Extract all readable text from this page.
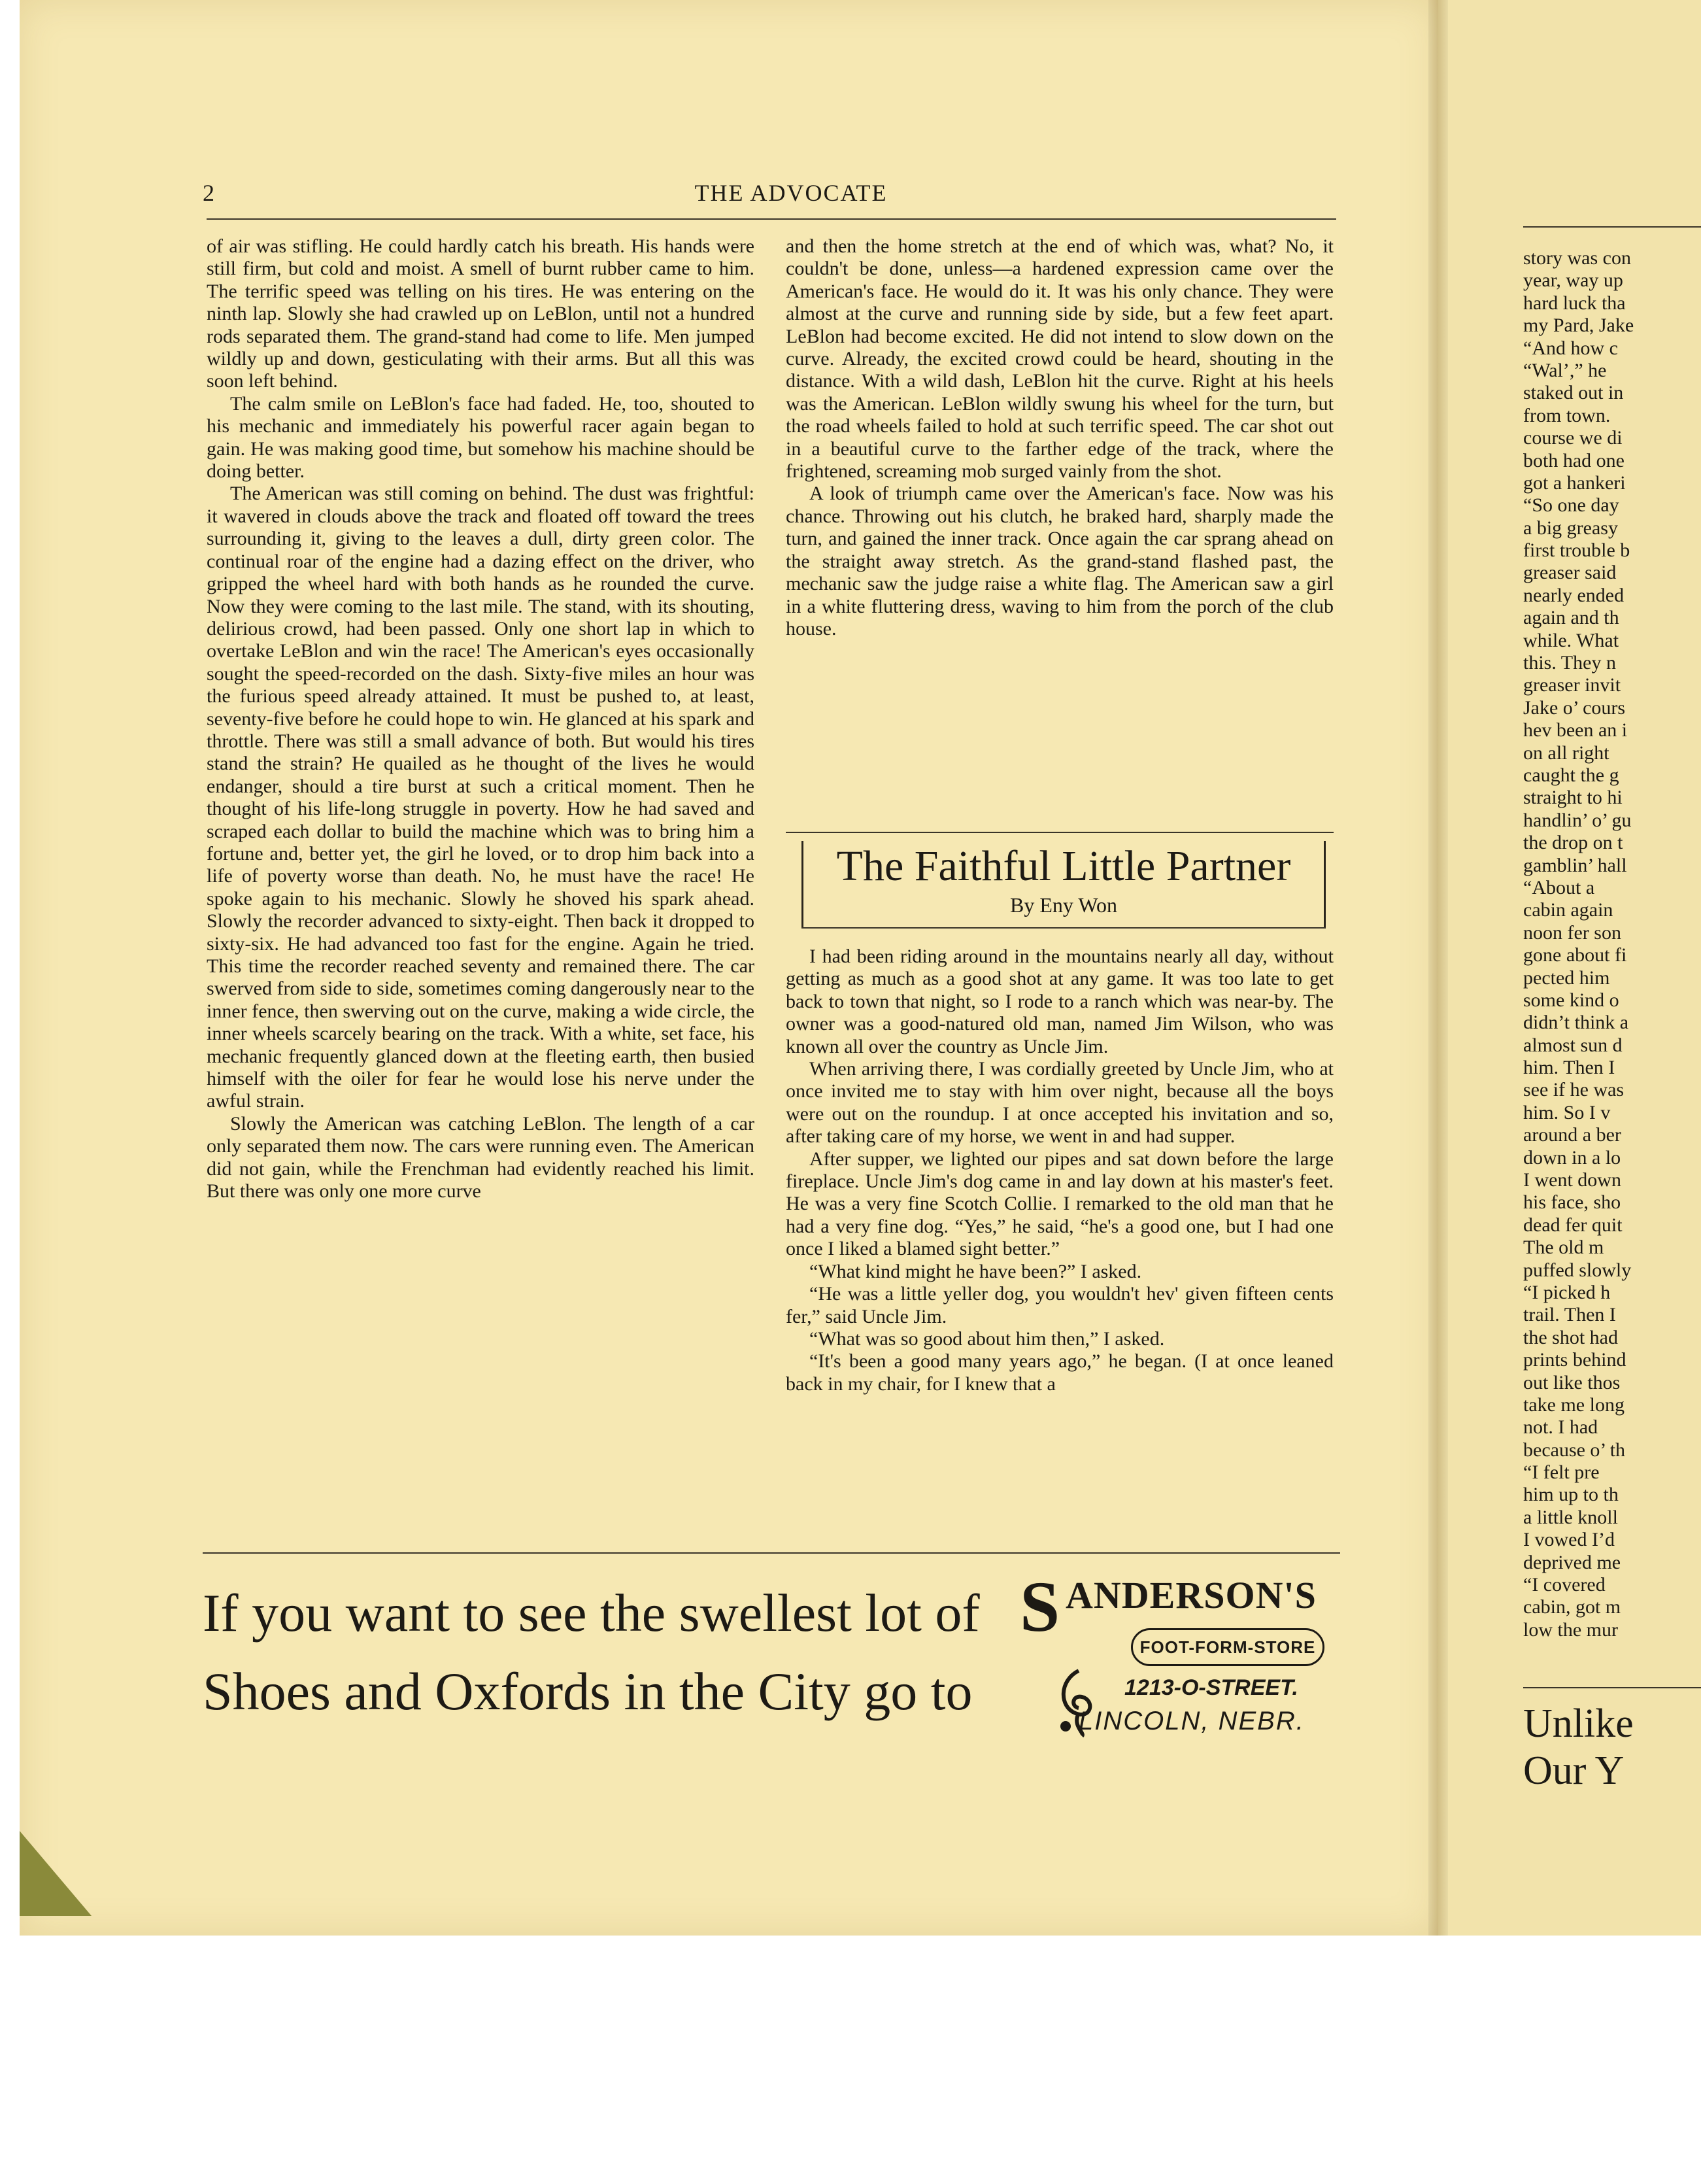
2	THE ADVOCATE

of air was stifling. He could hardly catch his breath. His hands were still firm, but cold and moist. A smell of burnt rubber came to him. The terrific speed was telling on his tires. He was entering on the ninth lap. Slowly she had crawled up on LeBlon, until not a hundred rods separated them. The grand-stand had come to life. Men jumped wildly up and down, gesticulating with their arms. But all this was soon left behind.

The calm smile on LeBlon's face had faded. He, too, shouted to his mechanic and immediately his powerful racer again began to gain. He was making good time, but somehow his machine should be doing better.

The American was still coming on behind. The dust was frightful: it wavered in clouds above the track and floated off toward the trees surrounding it, giving to the leaves a dull, dirty green color. The continual roar of the engine had a dazing effect on the driver, who gripped the wheel hard with both hands as he rounded the curve. Now they were coming to the last mile. The stand, with its shouting, delirious crowd, had been passed. Only one short lap in which to overtake LeBlon and win the race! The American's eyes occasionally sought the speed-recorded on the dash. Sixty-five miles an hour was the furious speed already attained. It must be pushed to, at least, seventy-five before he could hope to win. He glanced at his spark and throttle. There was still a small advance of both. But would his tires stand the strain? He quailed as he thought of the lives he would endanger, should a tire burst at such a critical moment. Then he thought of his life-long struggle in poverty. How he had saved and scraped each dollar to build the machine which was to bring him a fortune and, better yet, the girl he loved, or to drop him back into a life of poverty worse than death. No, he must have the race! He spoke again to his mechanic. Slowly he shoved his spark ahead. Slowly the recorder advanced to sixty-eight. Then back it dropped to sixty-six. He had advanced too fast for the engine. Again he tried. This time the recorder reached seventy and remained there. The car swerved from side to side, sometimes coming dangerously near to the inner fence, then swerving out on the curve, making a wide circle, the inner wheels scarcely bearing on the track. With a white, set face, his mechanic frequently glanced down at the fleeting earth, then busied himself with the oiler for fear he would lose his nerve under the awful strain.

Slowly the American was catching LeBlon. The length of a car only separated them now. The cars were running even. The American did not gain, while the Frenchman had evidently reached his limit. But there was only one more curve

and then the home stretch at the end of which was, what? No, it couldn't be done, unless—a hardened expression came over the American's face. He would do it. It was his only chance. They were almost at the curve and running side by side, but a few feet apart. LeBlon had become excited. He did not intend to slow down on the curve. Already, the excited crowd could be heard, shouting in the distance. With a wild dash, LeBlon hit the curve. Right at his heels was the American. LeBlon wildly swung his wheel for the turn, but the road wheels failed to hold at such terrific speed. The car shot out in a beautiful curve to the farther edge of the track, where the frightened, screaming mob surged vainly from the shot.

A look of triumph came over the American's face. Now was his chance. Throwing out his clutch, he braked hard, sharply made the turn, and gained the inner track. Once again the car sprang ahead on the straight away stretch. As the grand-stand flashed past, the mechanic saw the judge raise a white flag. The American saw a girl in a white fluttering dress, waving to him from the porch of the club house.

The Faithful Little Partner
By Eny Won

I had been riding around in the mountains nearly all day, without getting as much as a good shot at any game. It was too late to get back to town that night, so I rode to a ranch which was near-by. The owner was a good-natured old man, named Jim Wilson, who was known all over the country as Uncle Jim.

When arriving there, I was cordially greeted by Uncle Jim, who at once invited me to stay with him over night, because all the boys were out on the roundup. I at once accepted his invitation and so, after taking care of my horse, we went in and had supper.

After supper, we lighted our pipes and sat down before the large fireplace. Uncle Jim's dog came in and lay down at his master's feet. He was a very fine Scotch Collie. I remarked to the old man that he had a very fine dog. “Yes,” he said, “he's a good one, but I had one once I liked a blamed sight better.”

“What kind might he have been?” I asked.

“He was a little yeller dog, you wouldn't hev' given fifteen cents fer,” said Uncle Jim.

“What was so good about him then,” I asked.

“It's been a good many years ago,” he began. (I at once leaned back in my chair, for I knew that a

If you want to see the swellest lot of
Shoes and Oxfords in the City go to
S ANDERSON'S
FOOT-FORM-STORE
1213-O-STREET.
LINCOLN, NEBR.
story was con
year, way up
hard luck tha
my Pard, Jake
“And how c
“Wal’,” he
staked out in
from town.
course we di
both had one
got a hankeri
“So one day
a big greasy
first trouble b
greaser said
nearly ended
again and th
while. What
this. They n
greaser invit
Jake o’ cours
hev been an i
on all right
caught the g
straight to hi
handlin’ o’ gu
the drop on t
gamblin’ hall
“About a
cabin again
noon fer son
gone about fi
pected him
some kind o
didn’t think a
almost sun d
him. Then I
see if he was
him. So I v
around a ber
down in a lo
I went down
his face, sho
dead fer quit
The old m
puffed slowly
“I picked h
trail. Then I
the shot had
prints behind
out like thos
take me long
not. I had
because o’ th
“I felt pre
him up to th
a little knoll
I vowed I’d
deprived me
“I covered
cabin, got m
low the mur
Unlike
Our Y
